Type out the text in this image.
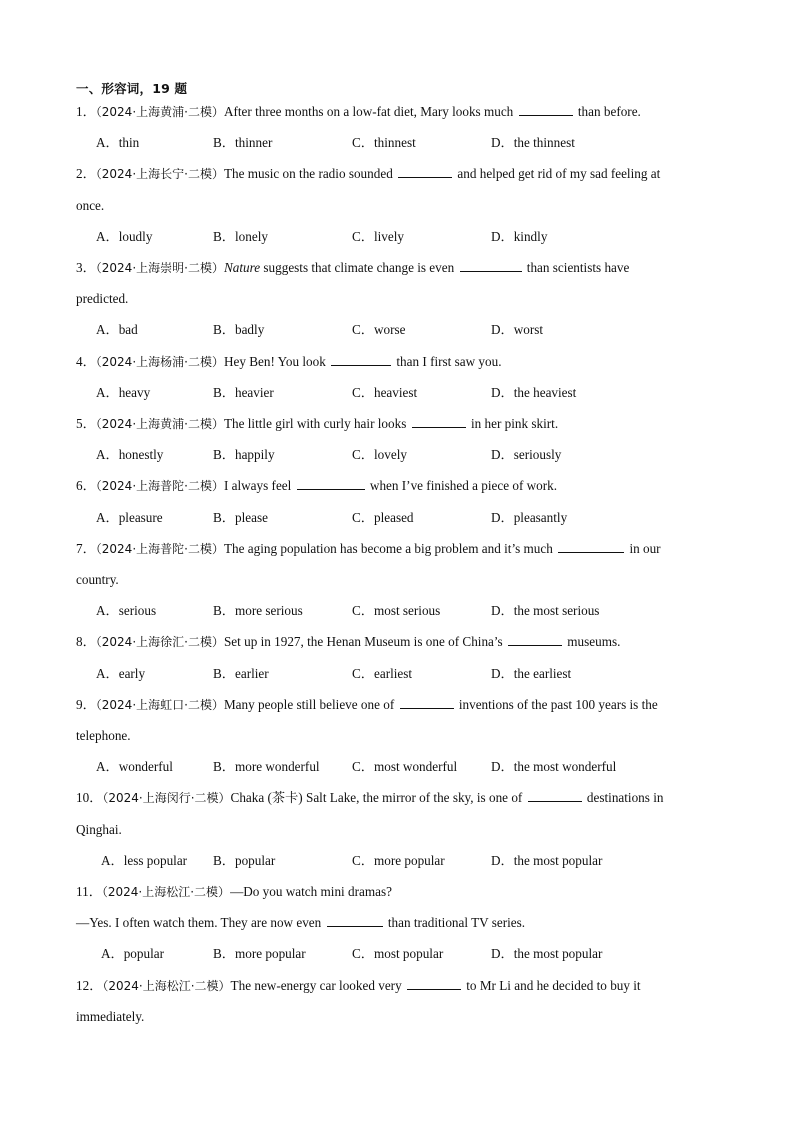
一、形容词，19 题
1．（2024·上海黄浦·二模）After three months on a low-fat diet, Mary looks much	than before.
A．thin	B．thinner	C．thinnest	D．the thinnest
2．（2024·上海长宁·二模）The music on the radio sounded	and helped get rid of my sad feeling at
once.
A．loudly	B．lonely	C．lively	D．kindly
3．（2024·上海崇明·二模）Nature suggests that climate change is even	than scientists have
predicted.
A．bad	B．badly	C．worse	D．worst
4．（2024·上海杨浦·二模）Hey Ben! You look	than I first saw you.
A．heavy	B．heavier	C．heaviest	D．the heaviest
5．（2024·上海黄浦·二模）The little girl with curly hair looks	in her pink skirt.
A．honestly	B．happily	C．lovely	D．seriously
6．（2024·上海普陀·二模）I always feel	when I’ve finished a piece of work.
A．pleasure	B．please	C．pleased	D．pleasantly
7．（2024·上海普陀·二模）The aging population has become a big problem and it’s much	in our
country.
A．serious	B．more serious	C．most serious	D．the most serious
8．（2024·上海徐汇·二模）Set up in 1927, the Henan Museum is one of China’s	museums.
A．early	B．earlier	C．earliest	D．the earliest
9．（2024·上海虹口·二模）Many people still believe one of	inventions of the past 100 years is the
telephone.
A．wonderful	B．more wonderful C．most wonderful	D．the most wonderful
10．（2024·上海闵行·二模）Chaka (茶卡) Salt Lake, the mirror of the sky, is one of	destinations in
Qinghai.
A．less popular B．popular	C．more popular	D．the most popular
11．（2024·上海松江·二模）—Do you watch mini dramas?
—Yes. I often watch them. They are now even	than traditional TV series.
A．popular	B．more popular	C．most popular	D．the most popular
12．（2024·上海松江·二模）The new-energy car looked very	to Mr Li and he decided to buy it
immediately.
